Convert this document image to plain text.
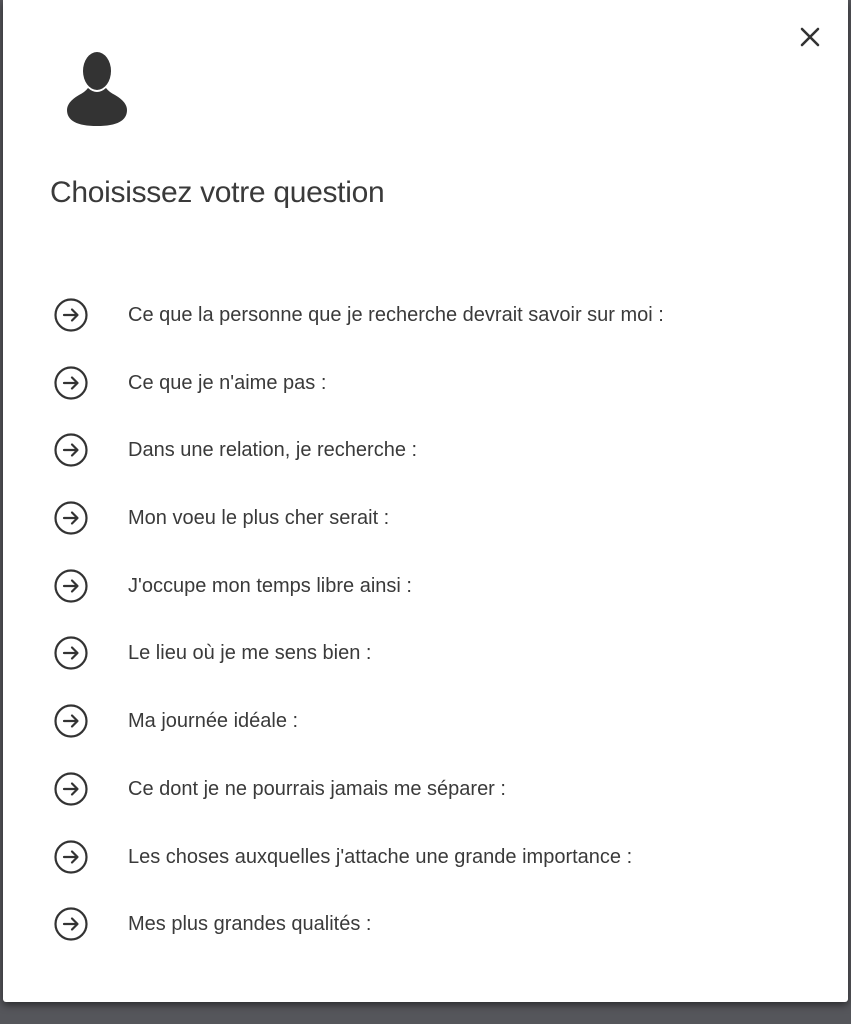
Choisissez votre question
Ce que la personne que je recherche devrait savoir sur moi :
Ce que je n'aime pas :
Dans une relation, je recherche :
Mon voeu le plus cher serait :
J'occupe mon temps libre ainsi :
Le lieu où je me sens bien :
Ma journée idéale :
Ce dont je ne pourrais jamais me séparer :
Les choses auxquelles j'attache une grande importance :
Mes plus grandes qualités :
